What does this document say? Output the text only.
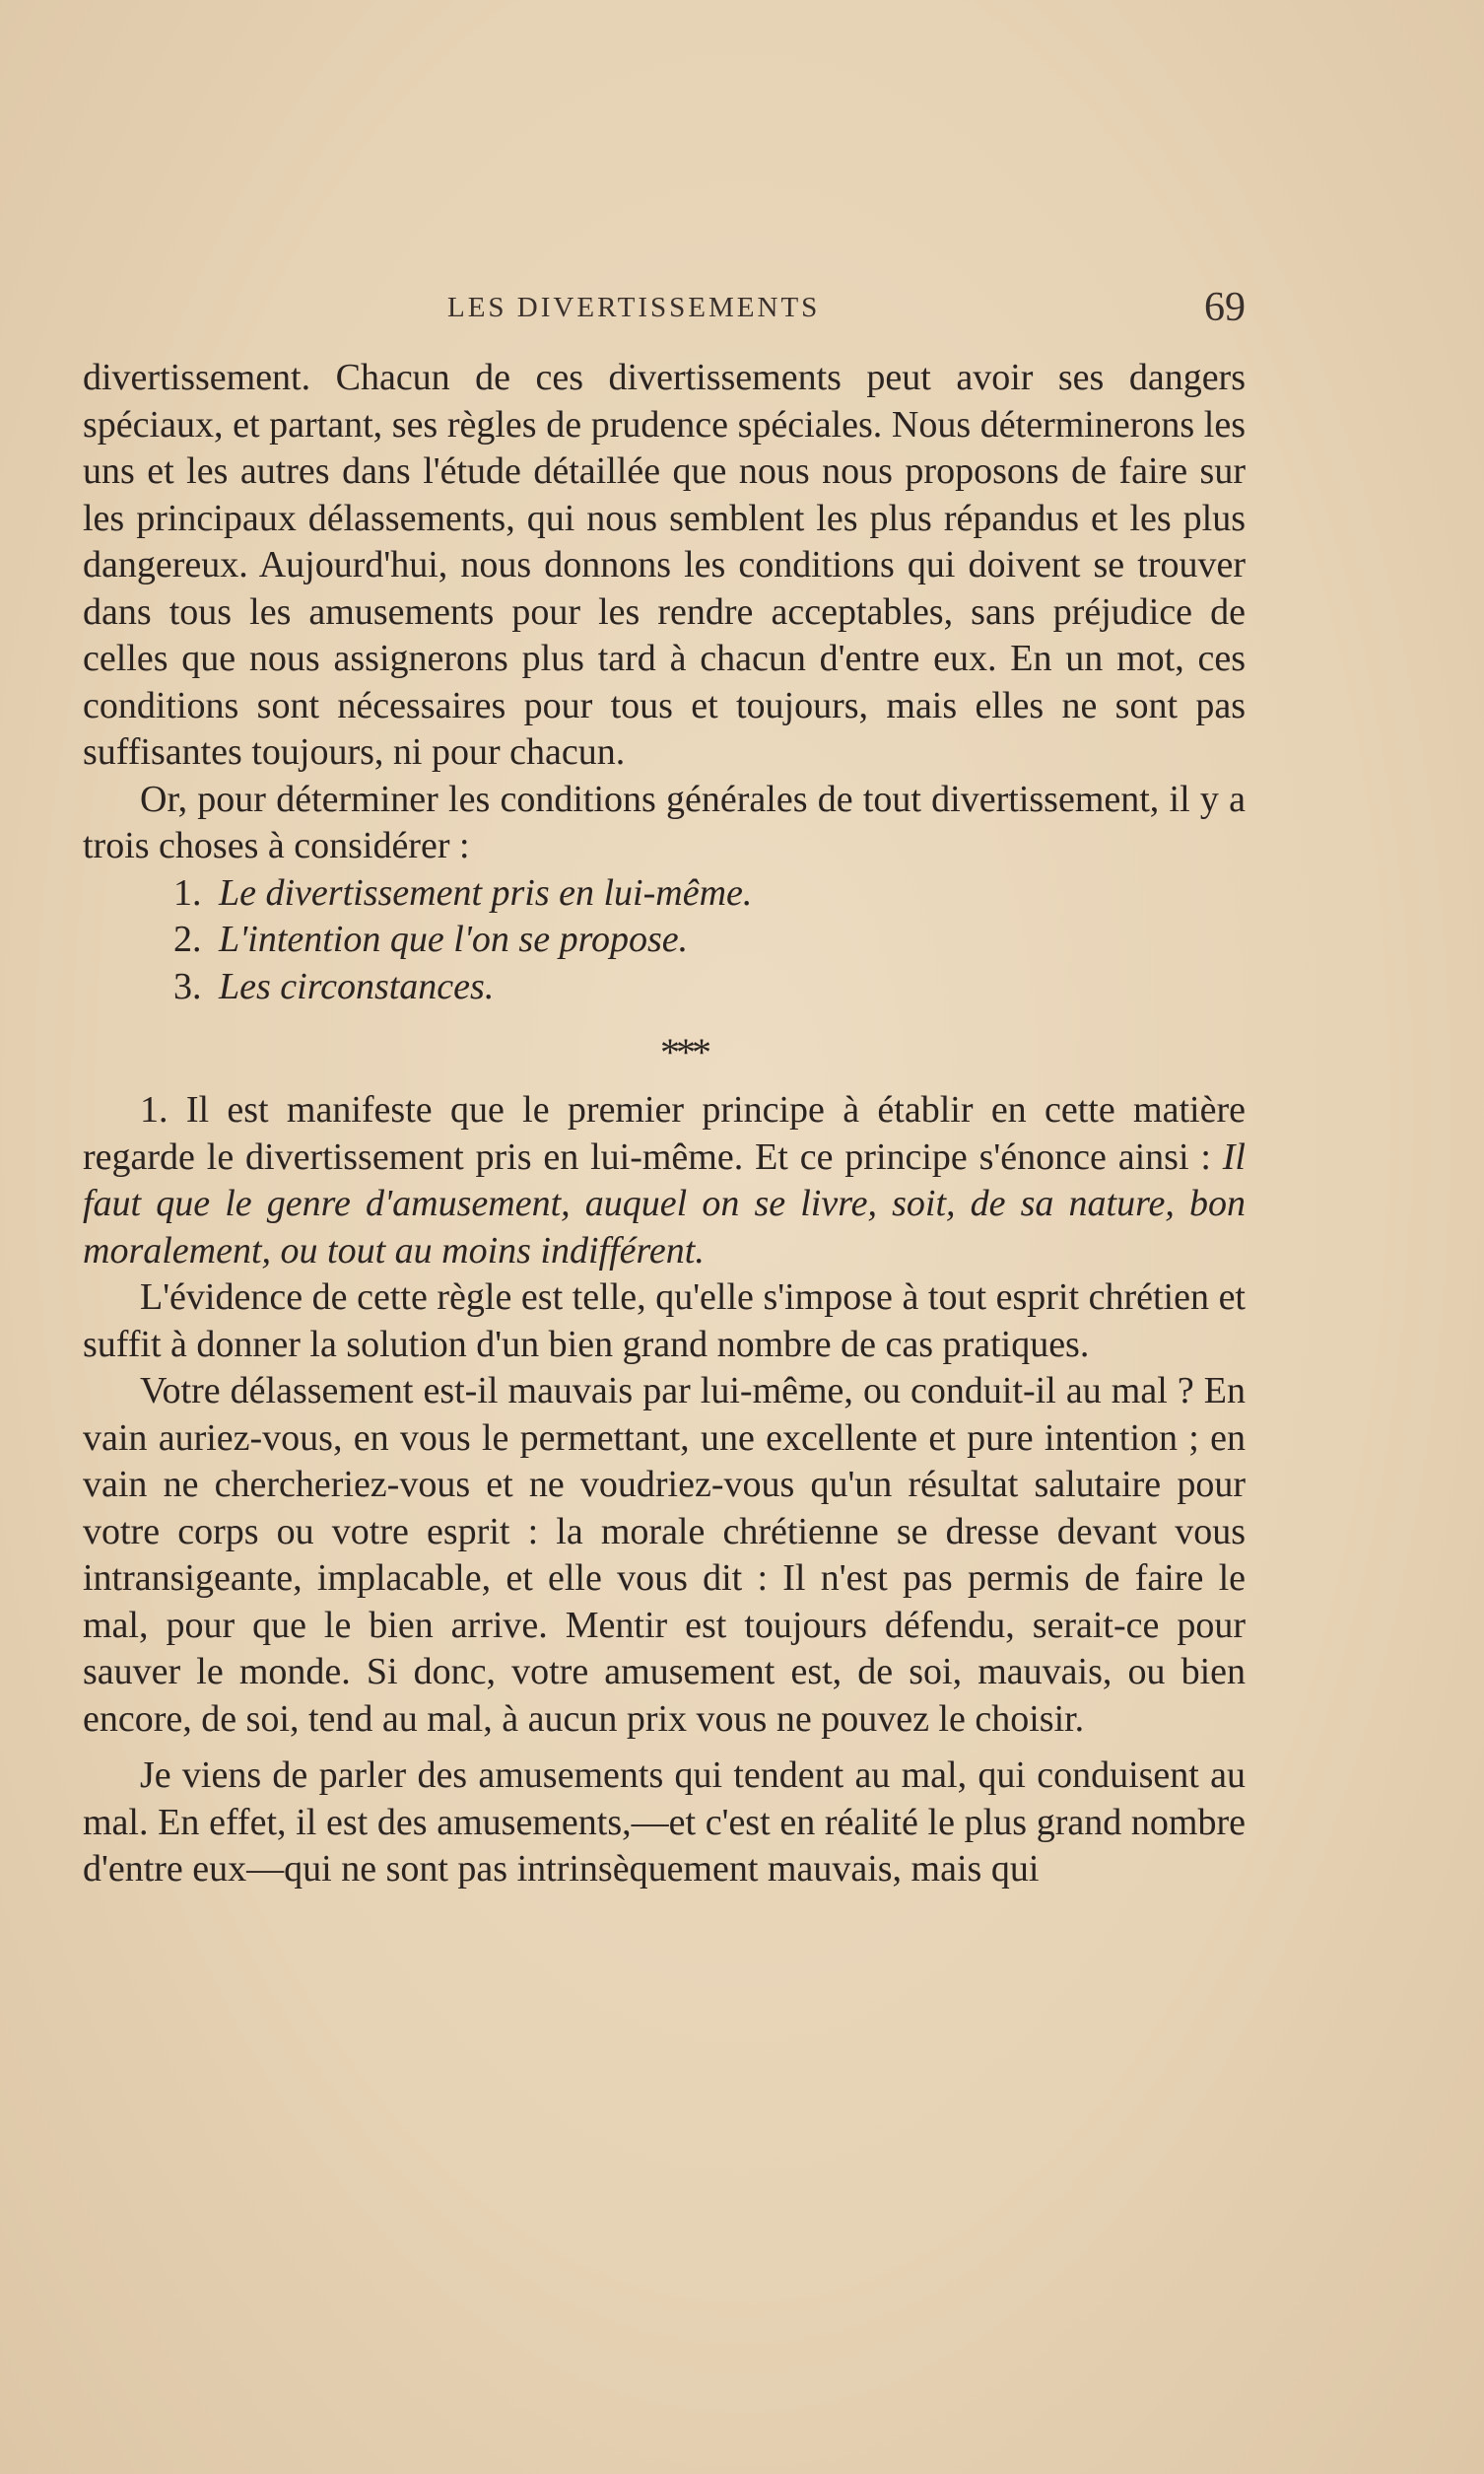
LES DIVERTISSEMENTS	69

divertissement. Chacun de ces divertissements peut avoir ses dangers spéciaux, et partant, ses règles de prudence spéciales. Nous déterminerons les uns et les autres dans l'étude détaillée que nous nous proposons de faire sur les principaux délassements, qui nous semblent les plus répandus et les plus dangereux. Aujourd'hui, nous donnons les conditions qui doivent se trouver dans tous les amusements pour les rendre acceptables, sans préjudice de celles que nous assignerons plus tard à chacun d'entre eux. En un mot, ces conditions sont nécessaires pour tous et toujours, mais elles ne sont pas suffisantes toujours, ni pour chacun.

Or, pour déterminer les conditions générales de tout divertissement, il y a trois choses à considérer :

1. Le divertissement pris en lui-même.
2. L'intention que l'on se propose.
3. Les circonstances.
***

1. Il est manifeste que le premier principe à établir en cette matière regarde le divertissement pris en lui-même. Et ce principe s'énonce ainsi : Il faut que le genre d'amusement, auquel on se livre, soit, de sa nature, bon moralement, ou tout au moins indifférent.

L'évidence de cette règle est telle, qu'elle s'impose à tout esprit chrétien et suffit à donner la solution d'un bien grand nombre de cas pratiques.

Votre délassement est-il mauvais par lui-même, ou conduit-il au mal ? En vain auriez-vous, en vous le permettant, une excellente et pure intention ; en vain ne chercheriez-vous et ne voudriez-vous qu'un résultat salutaire pour votre corps ou votre esprit : la morale chrétienne se dresse devant vous intransigeante, implacable, et elle vous dit : Il n'est pas permis de faire le mal, pour que le bien arrive. Mentir est toujours défendu, serait-ce pour sauver le monde. Si donc, votre amusement est, de soi, mauvais, ou bien encore, de soi, tend au mal, à aucun prix vous ne pouvez le choisir.

Je viens de parler des amusements qui tendent au mal, qui conduisent au mal. En effet, il est des amusements,—et c'est en réalité le plus grand nombre d'entre eux—qui ne sont pas intrinsèquement mauvais, mais qui
